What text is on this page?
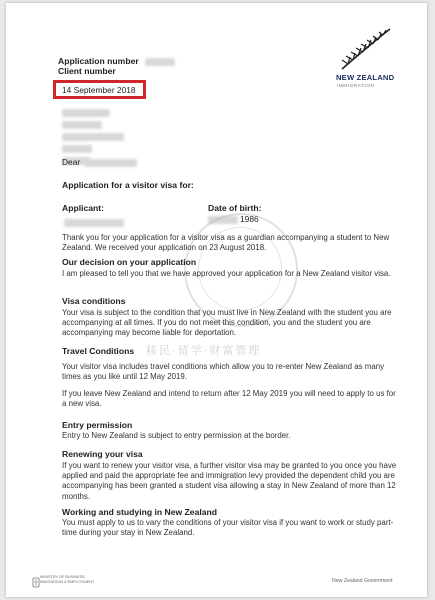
Application number
Client number
14 September 2018
NEW ZEALAND
IMMIGRATION
Dear
Application for a visitor visa for:
Applicant:	Date of birth:
1986
移民·留学·财富管理
Thank you for your application for a visitor visa as a guardian accompanying a student to New Zealand. We received your application on 23 August 2018.
Our decision on your application
I am pleased to tell you that we have approved your application for a New Zealand visitor visa.
Visa conditions
Your visa is subject to the condition that you must live in New Zealand with the student you are accompanying at all times. If you do not meet this condition, you and the student you are accompanying may become liable for deportation.
Travel Conditions
Your visitor visa includes travel conditions which allow you to re-enter New Zealand as many times as you like until 12 May 2019.
If you leave New Zealand and intend to return after 12 May 2019 you will need to apply to us for a new visa.
Entry permission
Entry to New Zealand is subject to entry permission at the border.
Renewing your visa
If you want to renew your visitor visa, a further visitor visa may be granted to you once you have applied and paid the appropriate fee and immigration levy provided the dependent child you are accompanying has been granted a student visa allowing a stay in New Zealand of more than 12 months.
Working and studying in New Zealand
You must apply to us to vary the conditions of your visitor visa if you want to work or study part-time during your stay in New Zealand.
MINISTRY OF BUSINESS,
INNOVATION & EMPLOYMENT	New Zealand Government
